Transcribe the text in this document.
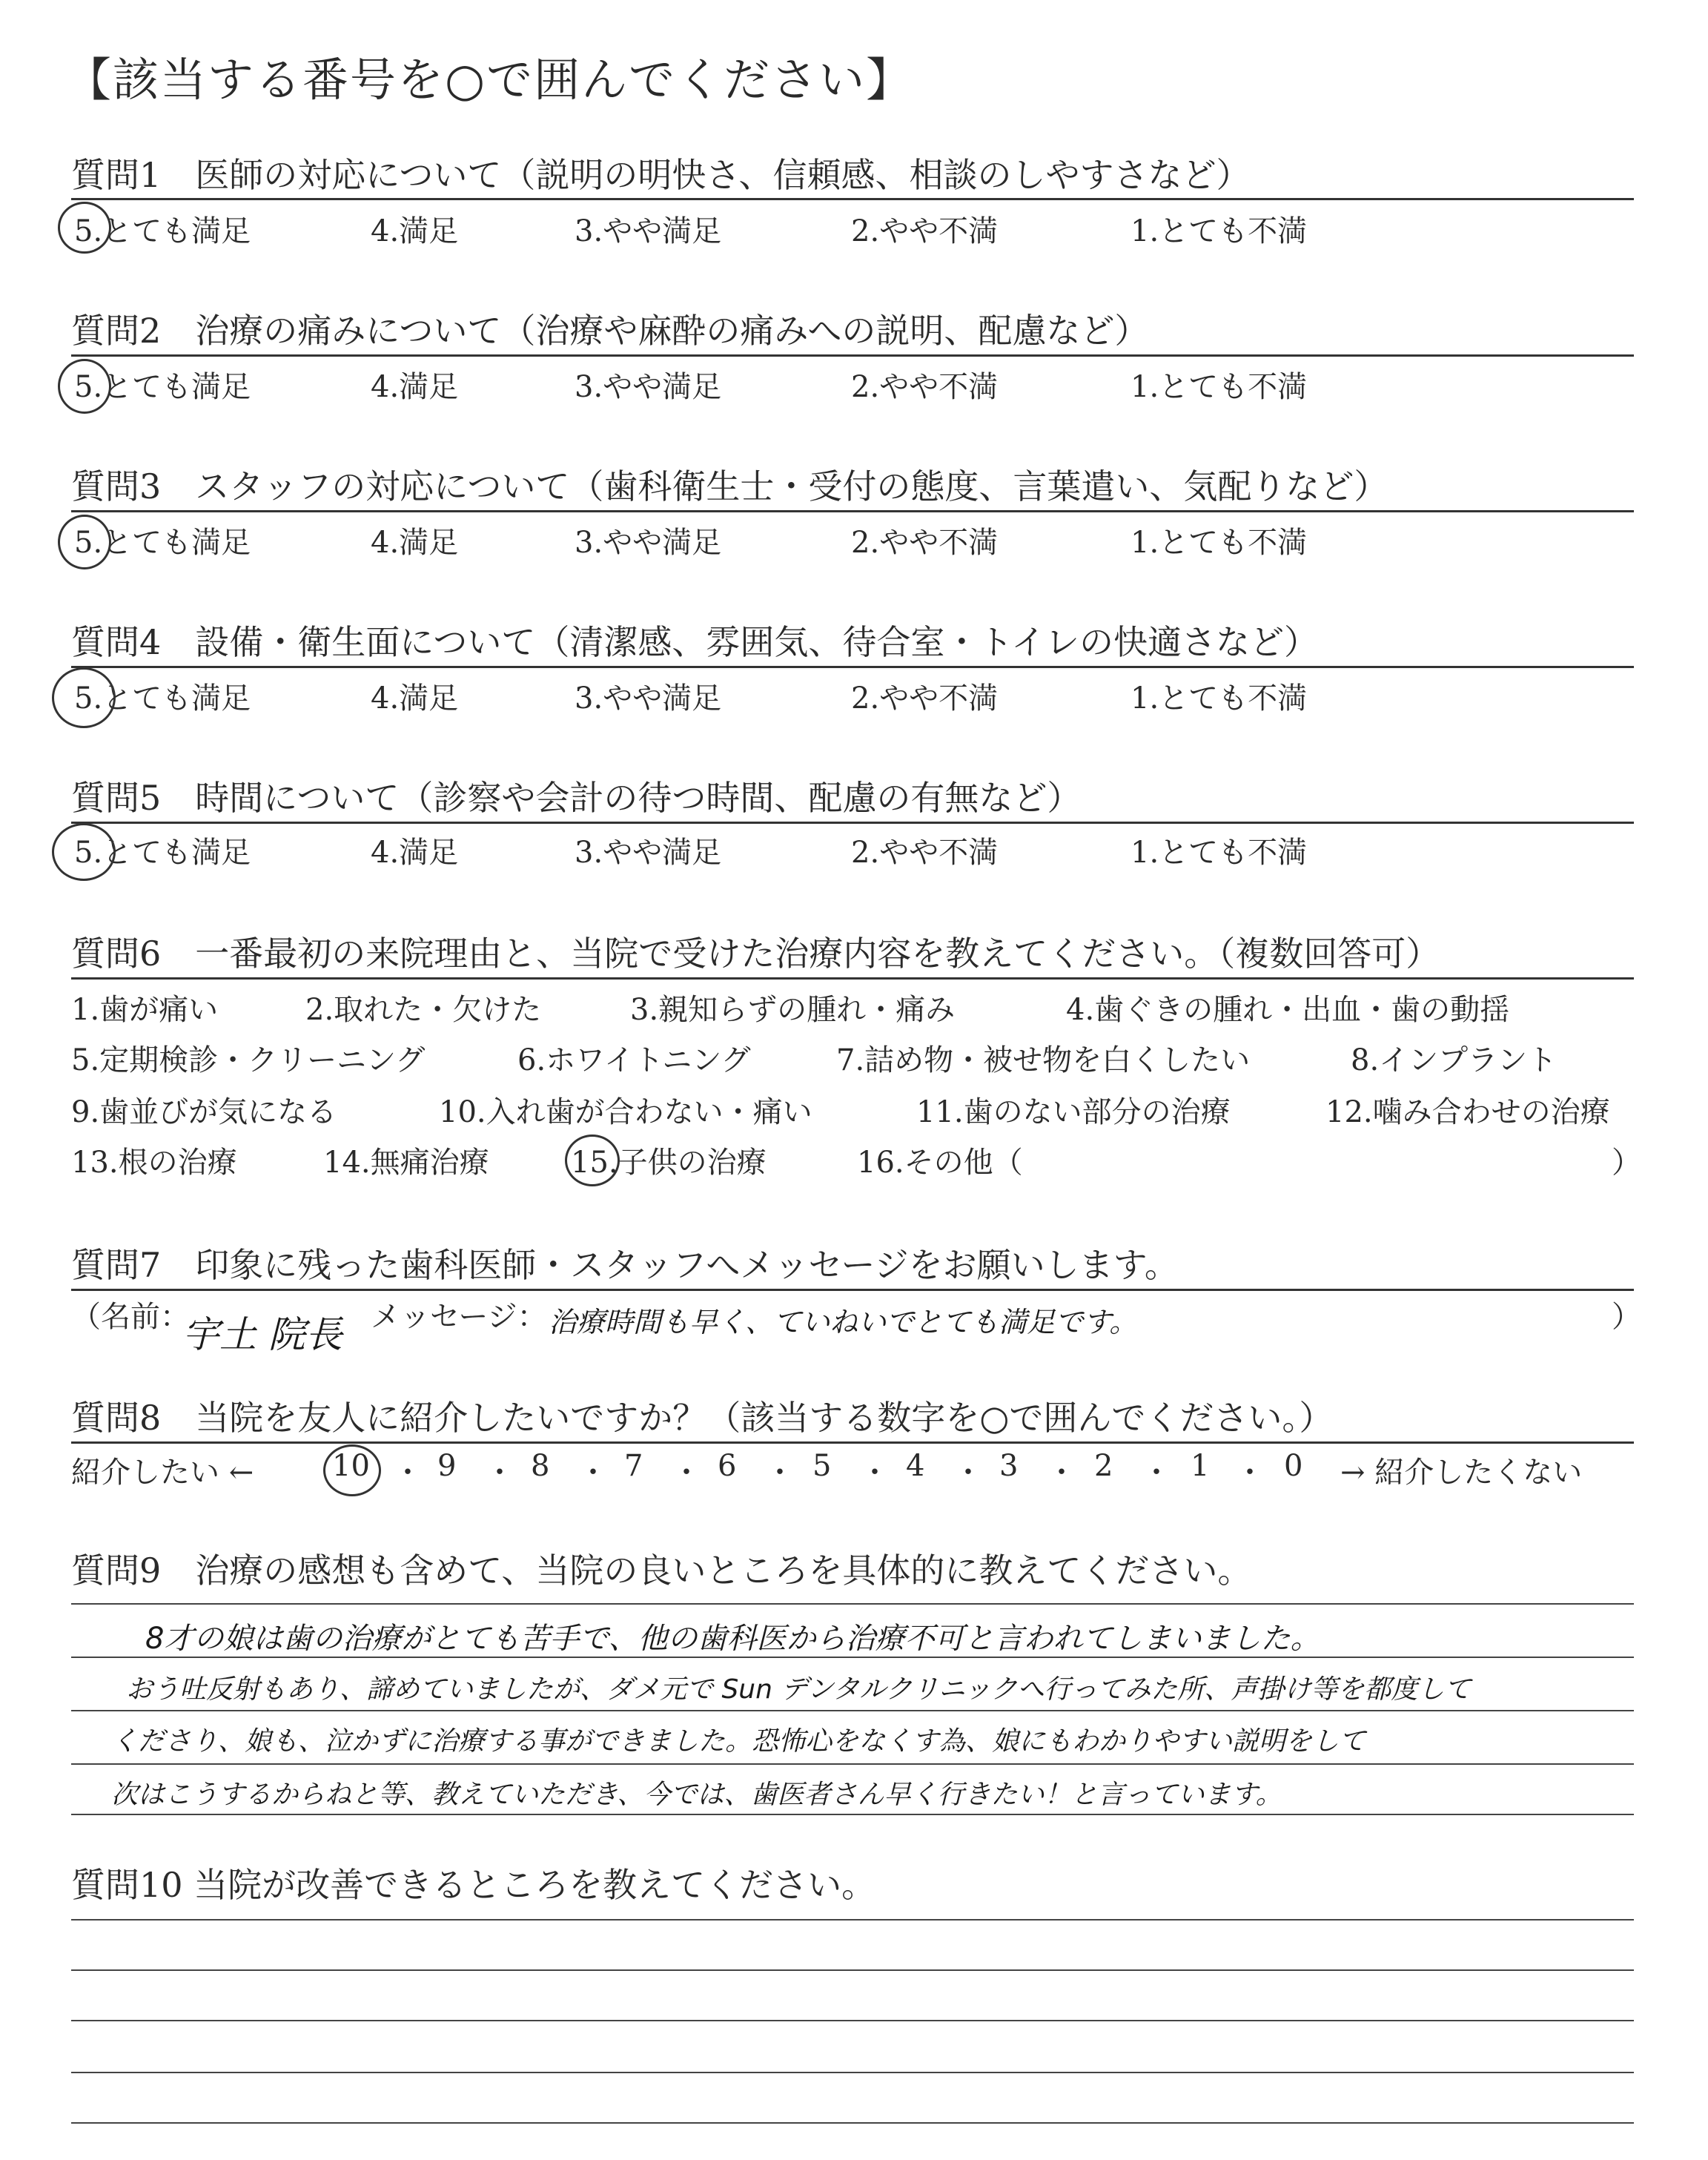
【該当する番号を○で囲んでください】
質問1　医師の対応について（説明の明快さ、信頼感、相談のしやすさなど）
5.とても満足	4.満足	3.やや満足	2.やや不満	1.とても不満
質問2　治療の痛みについて（治療や麻酔の痛みへの説明、配慮など）
5.とても満足	4.満足	3.やや満足	2.やや不満	1.とても不満
質問3　スタッフの対応について（歯科衛生士・受付の態度、言葉遣い、気配りなど）
5.とても満足	4.満足	3.やや満足	2.やや不満	1.とても不満
質問4　設備・衛生面について（清潔感、雰囲気、待合室・トイレの快適さなど）
5.とても満足	4.満足	3.やや満足	2.やや不満	1.とても不満
質問5　時間について（診察や会計の待つ時間、配慮の有無など）
5.とても満足	4.満足	3.やや満足	2.やや不満	1.とても不満
質問6　一番最初の来院理由と、当院で受けた治療内容を教えてください。（複数回答可）
1.歯が痛い	2.取れた・欠けた	3.親知らずの腫れ・痛み	4.歯ぐきの腫れ・出血・歯の動揺
5.定期検診・クリーニング	6.ホワイトニング	7.詰め物・被せ物を白くしたい	8.インプラント
9.歯並びが気になる	10.入れ歯が合わない・痛い	11.歯のない部分の治療	12.噛み合わせの治療
13.根の治療	14.無痛治療	15.子供の治療	16.その他（	）
質問7　印象に残った歯科医師・スタッフへメッセージをお願いします。
（名前：
宇土 院長 メッセージ： 治療時間も早く、ていねいでとても満足です。	）
質問8　当院を友人に紹介したいですか？（該当する数字を○で囲んでください。）
紹介したい ←	10 ・ 9 ・ 8 ・ 7 ・ 6 ・ 5 ・ 4 ・ 3 ・ 2 ・ 1 ・ 0 → 紹介したくない
質問9　治療の感想も含めて、当院の良いところを具体的に教えてください。
8才の娘は歯の治療がとても苦手で、他の歯科医から治療不可と言われてしまいました。
おう吐反射もあり、諦めていましたが、ダメ元で Sun デンタルクリニックへ行ってみた所、声掛け等を都度して
くださり、娘も、泣かずに治療する事ができました。恐怖心をなくす為、娘にもわかりやすい説明をして
次はこうするからねと等、教えていただき、今では、歯医者さん早く行きたい！と言っています。
質問10 当院が改善できるところを教えてください。
